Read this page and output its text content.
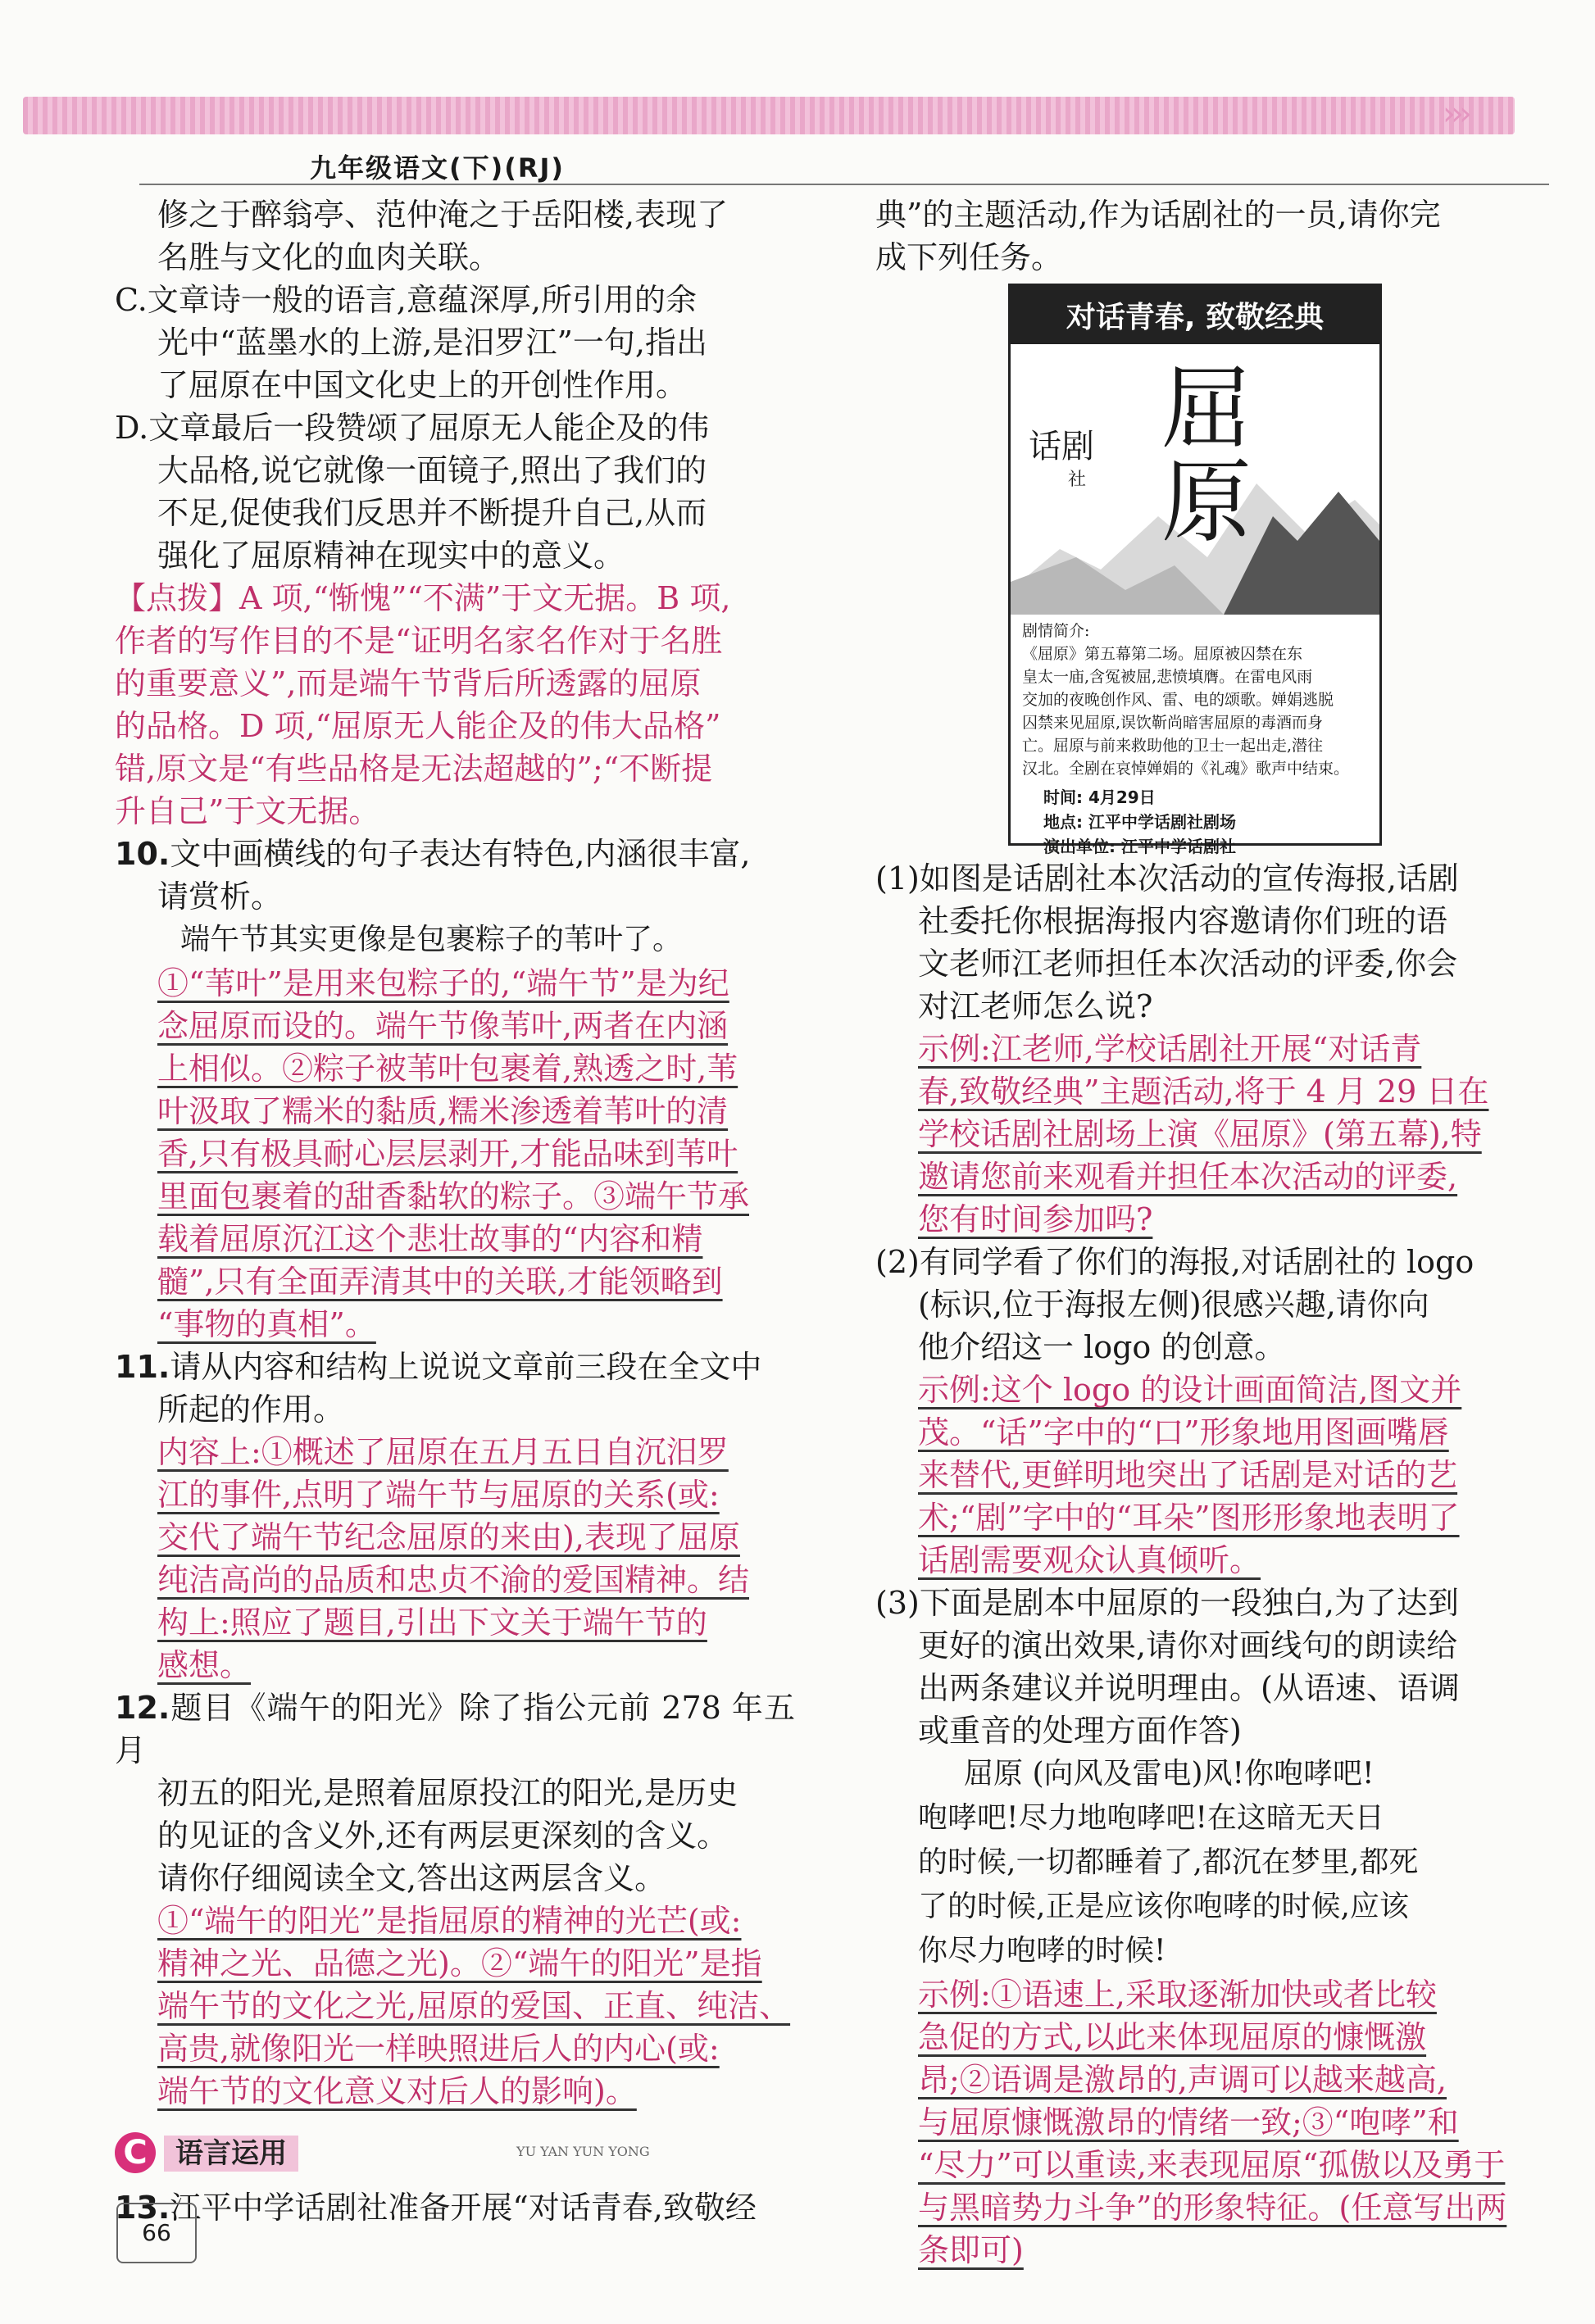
›››
九年级语文(下)(RJ)

修之于醉翁亭、范仲淹之于岳阳楼,表现了

名胜与文化的血肉关联。

C.文章诗一般的语言,意蕴深厚,所引用的余

光中“蓝墨水的上游,是汨罗江”一句,指出

了屈原在中国文化史上的开创性作用。

D.文章最后一段赞颂了屈原无人能企及的伟

大品格,说它就像一面镜子,照出了我们的

不足,促使我们反思并不断提升自己,从而

强化了屈原精神在现实中的意义。

【点拨】A 项,“惭愧”“不满”于文无据。B 项,

作者的写作目的不是“证明名家名作对于名胜

的重要意义”,而是端午节背后所透露的屈原

的品格。D 项,“屈原无人能企及的伟大品格”

错,原文是“有些品格是无法超越的”;“不断提

升自己”于文无据。

10.文中画横线的句子表达有特色,内涵很丰富,

请赏析。

端午节其实更像是包裹粽子的苇叶了。

①“苇叶”是用来包粽子的,“端午节”是为纪

念屈原而设的。端午节像苇叶,两者在内涵

上相似。②粽子被苇叶包裹着,熟透之时,苇

叶汲取了糯米的黏质,糯米渗透着苇叶的清

香,只有极具耐心层层剥开,才能品味到苇叶

里面包裹着的甜香黏软的粽子。③端午节承

载着屈原沉江这个悲壮故事的“内容和精

髓”,只有全面弄清其中的关联,才能领略到

“事物的真相”。

11.请从内容和结构上说说文章前三段在全文中

所起的作用。

内容上:①概述了屈原在五月五日自沉汨罗

江的事件,点明了端午节与屈原的关系(或:

交代了端午节纪念屈原的来由),表现了屈原

纯洁高尚的品质和忠贞不渝的爱国精神。结

构上:照应了题目,引出下文关于端午节的

感想。

12.题目《端午的阳光》除了指公元前 278 年五月

初五的阳光,是照着屈原投江的阳光,是历史

的见证的含义外,还有两层更深刻的含义。

请你仔细阅读全文,答出这两层含义。

①“端午的阳光”是指屈原的精神的光芒(或:

精神之光、品德之光)。②“端午的阳光”是指

端午节的文化之光,屈原的爱国、正直、纯洁、

高贵,就像阳光一样映照进后人的内心(或:

端午节的文化意义对后人的影响)。

C	语言运用	YU YAN YUN YONG

13.江平中学话剧社准备开展“对话青春,致敬经

典”的主题活动,作为话剧社的一员,请你完

成下列任务。

对话青春, 致敬经典
屈原
话剧
社
剧情简介:
《屈原》第五幕第二场。屈原被囚禁在东
皇太一庙,含冤被屈,悲愤填膺。在雷电风雨
交加的夜晚创作风、雷、电的颂歌。婵娟逃脱
囚禁来见屈原,误饮靳尚暗害屈原的毒酒而身
亡。屈原与前来救助他的卫士一起出走,潜往
汉北。全剧在哀悼婵娟的《礼魂》歌声中结束。
时间: 4月29日
地点: 江平中学话剧社剧场
演出单位: 江平中学话剧社

(1)如图是话剧社本次活动的宣传海报,话剧

社委托你根据海报内容邀请你们班的语

文老师江老师担任本次活动的评委,你会

对江老师怎么说?

示例:江老师,学校话剧社开展“对话青

春,致敬经典”主题活动,将于 4 月 29 日在

学校话剧社剧场上演《屈原》(第五幕),特

邀请您前来观看并担任本次活动的评委,

您有时间参加吗?

(2)有同学看了你们的海报,对话剧社的 logo

(标识,位于海报左侧)很感兴趣,请你向

他介绍这一 logo 的创意。

示例:这个 logo 的设计画面简洁,图文并

茂。“话”字中的“口”形象地用图画嘴唇

来替代,更鲜明地突出了话剧是对话的艺

术;“剧”字中的“耳朵”图形形象地表明了

话剧需要观众认真倾听。

(3)下面是剧本中屈原的一段独白,为了达到

更好的演出效果,请你对画线句的朗读给

出两条建议并说明理由。(从语速、语调

或重音的处理方面作答)

屈原 (向风及雷电)风!你咆哮吧!

咆哮吧!尽力地咆哮吧!在这暗无天日

的时候,一切都睡着了,都沉在梦里,都死

了的时候,正是应该你咆哮的时候,应该

你尽力咆哮的时候!

示例:①语速上,采取逐渐加快或者比较

急促的方式,以此来体现屈原的慷慨激

昂;②语调是激昂的,声调可以越来越高,

与屈原慷慨激昂的情绪一致;③“咆哮”和

“尽力”可以重读,来表现屈原“孤傲以及勇于

与黑暗势力斗争”的形象特征。(任意写出两

条即可)

66
